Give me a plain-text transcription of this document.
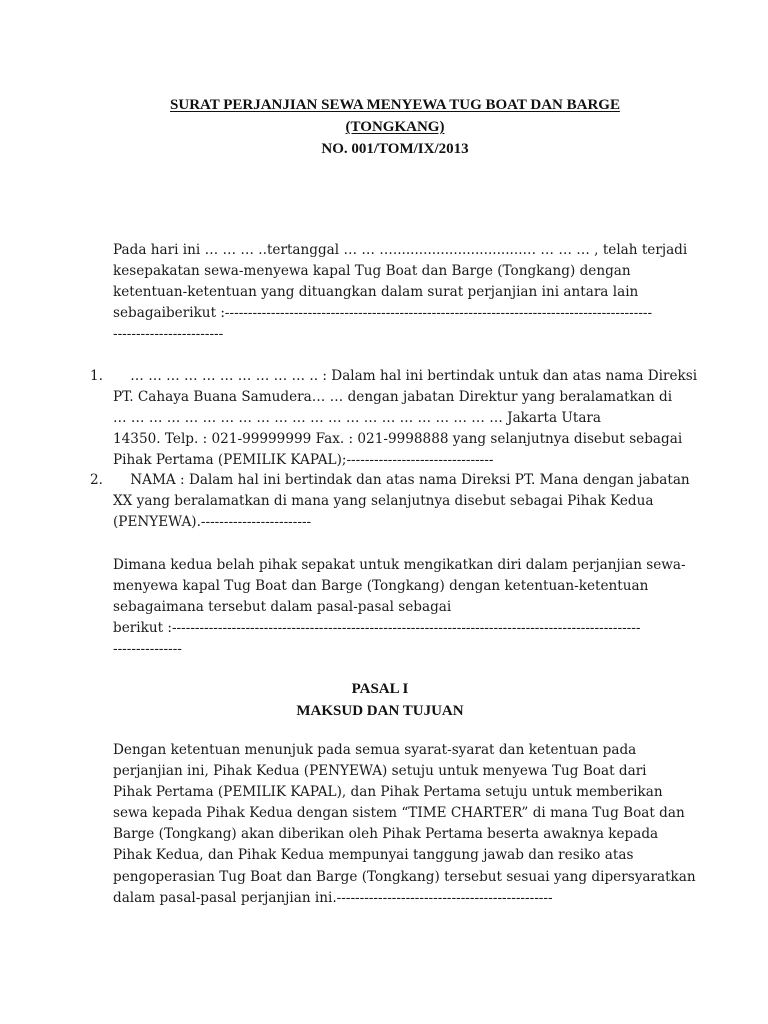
SURAT PERJANJIAN SEWA MENYEWA TUG BOAT DAN BARGE
(TONGKANG)
NO. 001/TOM/IX/2013

Pada hari ini … … … ..tertanggal … … …..............................… … … … , telah terjadi
kesepakatan sewa-menyewa kapal Tug Boat dan Barge (Tongkang) dengan
ketentuan-ketentuan yang dituangkan dalam surat perjanjian ini antara lain
sebagaiberikut :---------------------------------------------------------------------------------------------
------------------------

1. … … … … … … … … … … .. : Dalam hal ini bertindak untuk dan atas nama Direksi
PT. Cahaya Buana Samudera… … dengan jabatan Direktur yang beralamatkan di
… … … … … … … … … … … … … … … … … … … … … … Jakarta Utara
14350. Telp. : 021-99999999 Fax. : 021-9998888 yang selanjutnya disebut sebagai
Pihak Pertama (PEMILIK KAPAL);--------------------------------

2. NAMA : Dalam hal ini bertindak dan atas nama Direksi PT. Mana dengan jabatan
XX yang beralamatkan di mana yang selanjutnya disebut sebagai Pihak Kedua
(PENYEWA).------------------------

Dimana kedua belah pihak sepakat untuk mengikatkan diri dalam perjanjian sewa-
menyewa kapal Tug Boat dan Barge (Tongkang) dengan ketentuan-ketentuan
sebagaimana tersebut dalam pasal-pasal sebagai
berikut :------------------------------------------------------------------------------------------------------
---------------

PASAL I

MAKSUD DAN TUJUAN

Dengan ketentuan menunjuk pada semua syarat-syarat dan ketentuan pada
perjanjian ini, Pihak Kedua (PENYEWA) setuju untuk menyewa Tug Boat dari
Pihak Pertama (PEMILIK KAPAL), dan Pihak Pertama setuju untuk memberikan
sewa kepada Pihak Kedua dengan sistem “TIME CHARTER” di mana Tug Boat dan
Barge (Tongkang) akan diberikan oleh Pihak Pertama beserta awaknya kepada
Pihak Kedua, dan Pihak Kedua mempunyai tanggung jawab dan resiko atas
pengoperasian Tug Boat dan Barge (Tongkang) tersebut sesuai yang dipersyaratkan
dalam pasal-pasal perjanjian ini.-----------------------------------------------
